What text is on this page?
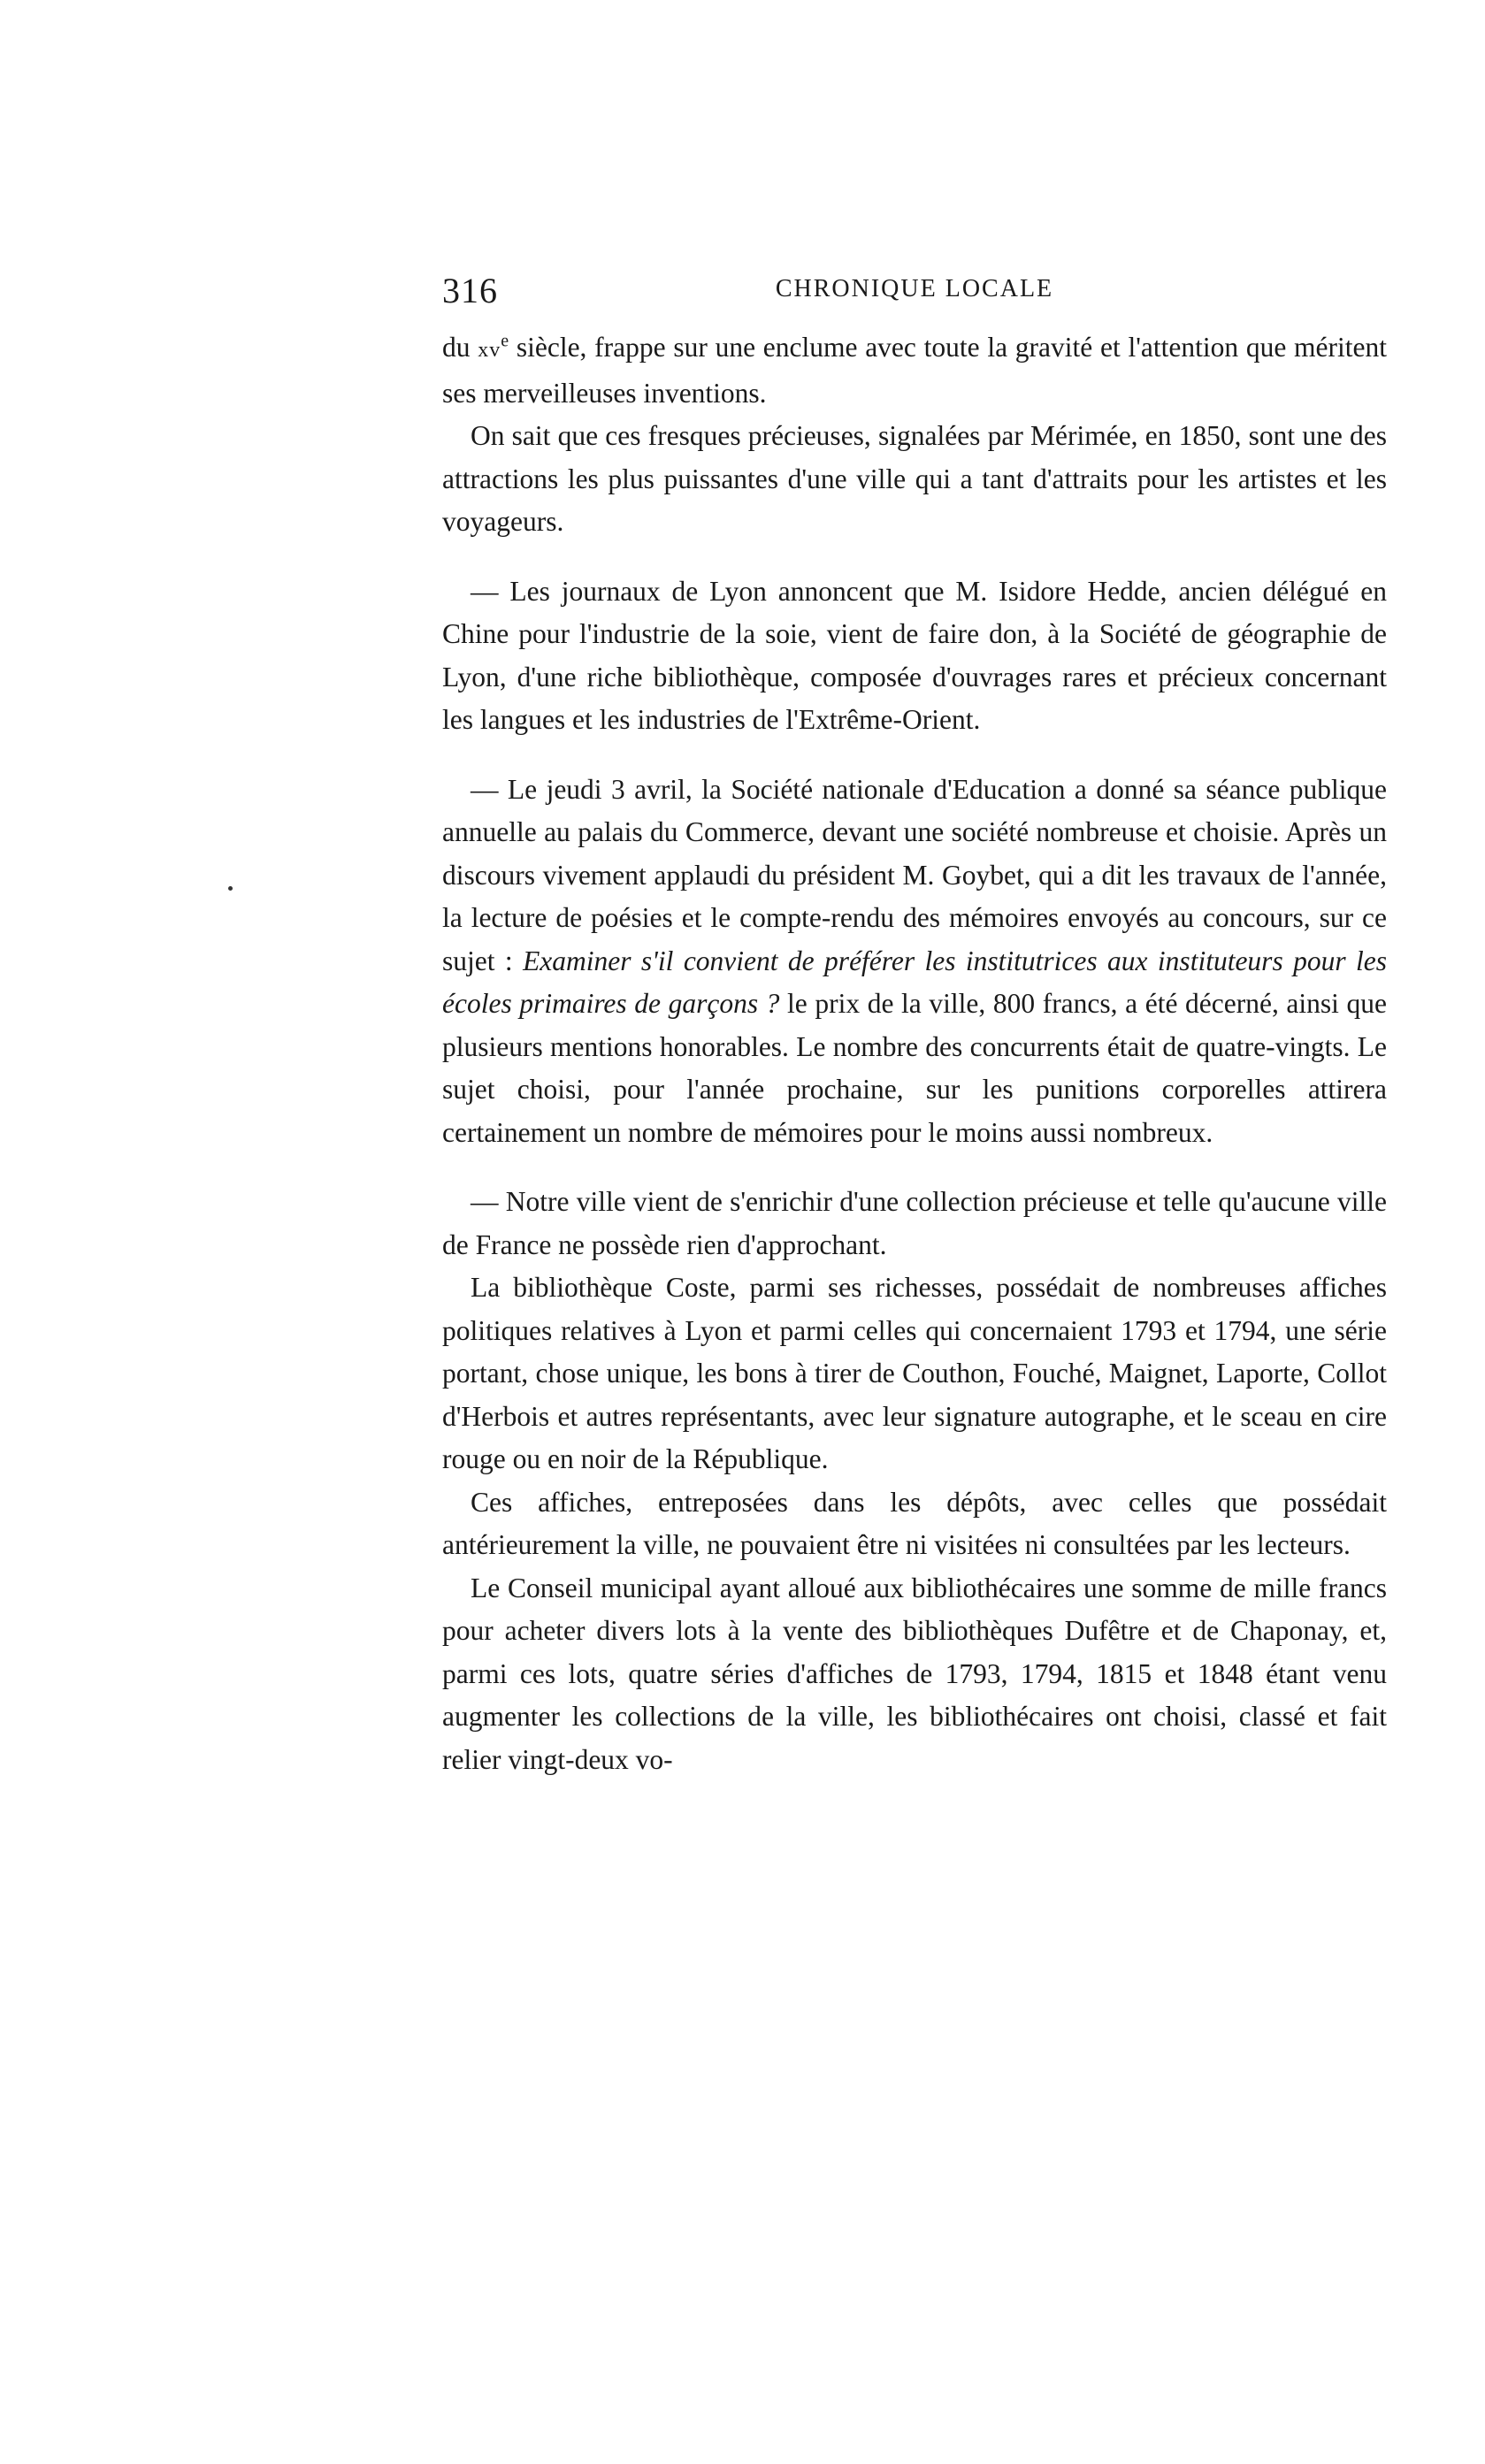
316	CHRONIQUE LOCALE

du $xv^e$ siècle, frappe sur une enclume avec toute la gravité et l'attention que méritent ses merveilleuses inventions.

On sait que ces fresques précieuses, signalées par Mérimée, en 1850, sont une des attractions les plus puissantes d'une ville qui a tant d'attraits pour les artistes et les voyageurs.

— Les journaux de Lyon annoncent que M. Isidore Hedde, ancien délégué en Chine pour l'industrie de la soie, vient de faire don, à la Société de géographie de Lyon, d'une riche bibliothèque, composée d'ouvrages rares et précieux concernant les langues et les industries de l'Extrême-Orient.

— Le jeudi 3 avril, la Société nationale d'Education a donné sa séance publique annuelle au palais du Commerce, devant une société nombreuse et choisie. Après un discours vivement applaudi du président M. Goybet, qui a dit les travaux de l'année, la lecture de poésies et le compte-rendu des mémoires envoyés au concours, sur ce sujet : Examiner s'il convient de préférer les institutrices aux instituteurs pour les écoles primaires de garçons ? le prix de la ville, 800 francs, a été décerné, ainsi que plusieurs mentions honorables. Le nombre des concurrents était de quatre-vingts. Le sujet choisi, pour l'année prochaine, sur les punitions corporelles attirera certainement un nombre de mémoires pour le moins aussi nombreux.

— Notre ville vient de s'enrichir d'une collection précieuse et telle qu'aucune ville de France ne possède rien d'approchant.

La bibliothèque Coste, parmi ses richesses, possédait de nombreuses affiches politiques relatives à Lyon et parmi celles qui concernaient 1793 et 1794, une série portant, chose unique, les bons à tirer de Couthon, Fouché, Maignet, Laporte, Collot d'Herbois et autres représentants, avec leur signature autographe, et le sceau en cire rouge ou en noir de la République.

Ces affiches, entreposées dans les dépôts, avec celles que possédait antérieurement la ville, ne pouvaient être ni visitées ni consultées par les lecteurs.

Le Conseil municipal ayant alloué aux bibliothécaires une somme de mille francs pour acheter divers lots à la vente des bibliothèques Dufêtre et de Chaponay, et, parmi ces lots, quatre séries d'affiches de 1793, 1794, 1815 et 1848 étant venu augmenter les collections de la ville, les bibliothécaires ont choisi, classé et fait relier vingt-deux vo-
